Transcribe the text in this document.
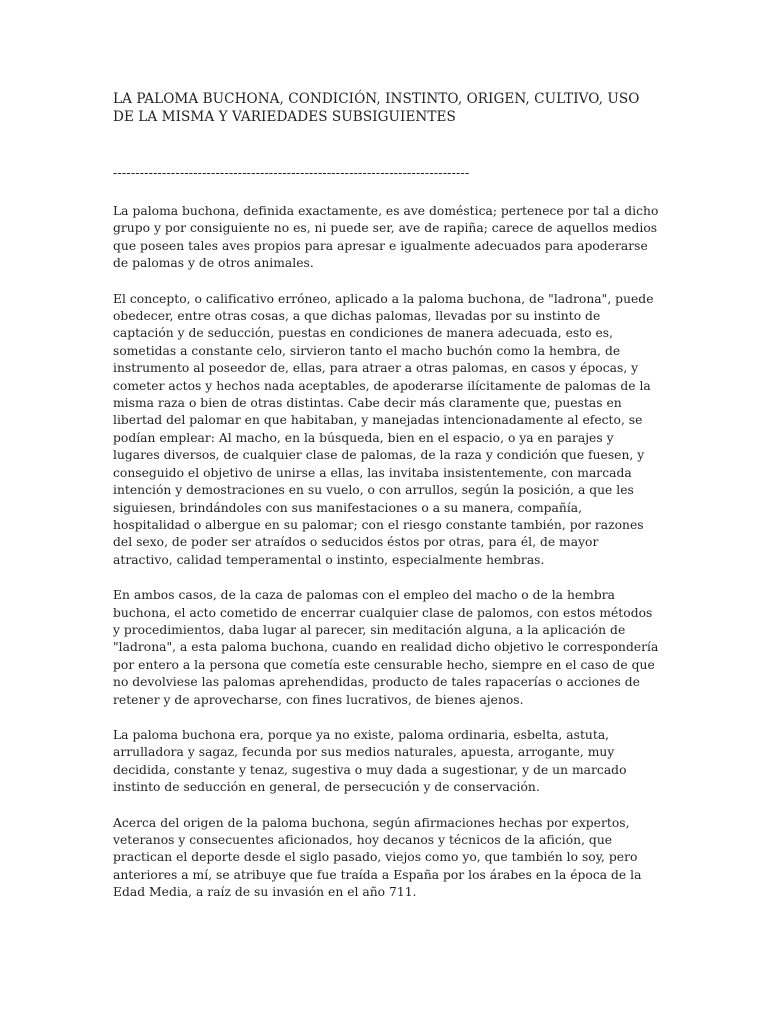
LA PALOMA BUCHONA, CONDICIÓN, INSTINTO, ORIGEN, CULTIVO, USO DE LA MISMA Y VARIEDADES SUBSIGUIENTES
--------------------------------------------------------------------------------

La paloma buchona, definida exactamente, es ave doméstica; pertenece por tal a dicho grupo y por consiguiente no es, ni puede ser, ave de rapiña; carece de aquellos medios que poseen tales aves propios para apresar e igualmente adecuados para apoderarse de palomas y de otros animales.

El concepto, o calificativo erróneo, aplicado a la paloma buchona, de "ladrona", puede obedecer, entre otras cosas, a que dichas palomas, llevadas por su instinto de captación y de seducción, puestas en condiciones de manera adecuada, esto es, sometidas a constante celo, sirvieron tanto el macho buchón como la hembra, de instrumento al poseedor de, ellas, para atraer a otras palomas, en casos y épocas, y cometer actos y hechos nada aceptables, de apoderarse ilícitamente de palomas de la misma raza o bien de otras distintas. Cabe decir más claramente que, puestas en libertad del palomar en que habitaban, y manejadas intencionadamente al efecto, se podían emplear: Al macho, en la búsqueda, bien en el espacio, o ya en parajes y lugares diversos, de cualquier clase de palomas, de la raza y condición que fuesen, y conseguido el objetivo de unirse a ellas, las invitaba insistentemente, con marcada intención y demostraciones en su vuelo, o con arrullos, según la posición, a que les siguiesen, brindándoles con sus manifestaciones o a su manera, compañía, hospitalidad o albergue en su palomar; con el riesgo constante también, por razones del sexo, de poder ser atraídos o seducidos éstos por otras, para él, de mayor atractivo, calidad temperamental o instinto, especialmente hembras.

En ambos casos, de la caza de palomas con el empleo del macho o de la hembra buchona, el acto cometido de encerrar cualquier clase de palomos, con estos métodos y procedimientos, daba lugar al parecer, sin meditación alguna, a la aplicación de "ladrona", a esta paloma buchona, cuando en realidad dicho objetivo le correspondería por entero a la persona que cometía este censurable hecho, siempre en el caso de que no devolviese las palomas aprehendidas, producto de tales rapacerías o acciones de retener y de aprovecharse, con fines lucrativos, de bienes ajenos.

La paloma buchona era, porque ya no existe, paloma ordinaria, esbelta, astuta, arrulladora y sagaz, fecunda por sus medios naturales, apuesta, arrogante, muy decidida, constante y tenaz, sugestiva o muy dada a sugestionar, y de un marcado instinto de seducción en general, de persecución y de conservación.

Acerca del origen de la paloma buchona, según afirmaciones hechas por expertos, veteranos y consecuentes aficionados, hoy decanos y técnicos de la afición, que practican el deporte desde el siglo pasado, viejos como yo, que también lo soy, pero anteriores a mí, se atribuye que fue traída a España por los árabes en la época de la Edad Media, a raíz de su invasión en el año 711.
